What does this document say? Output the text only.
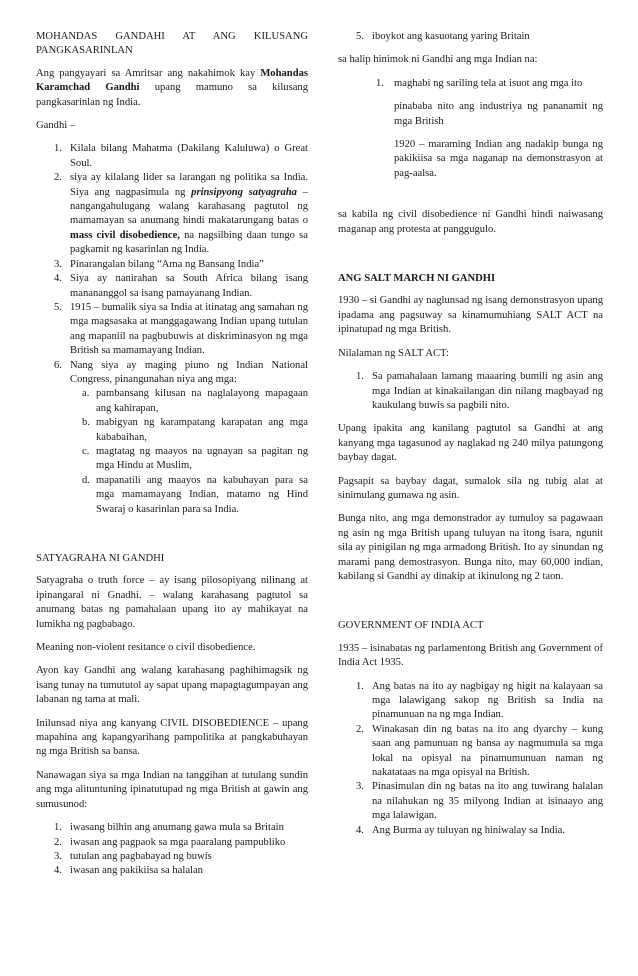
MOHANDAS GANDAHI AT ANG KILUSANG PANGKASARINLAN

Ang pangyayari sa Amritsar ang nakahimok kay Mohandas Karamchad Gandhi upang mamuno sa kilusang pangkasarinlan ng India.

Gandhi –

1. Kilala bilang Mahatma (Dakilang Kaluluwa) o Great Soul.
2. siya ay kilalang lider sa larangan ng politika sa India. Siya ang nagpasimula ng prinsipyong satyagraha – nangangahulugang walang karahasang pagtutol ng mamamayan sa anumang hindi makatarungang batas o mass civil disobedience, na nagsilbing daan tungo sa pagkamit ng kasarinlan ng India.
3. Pinarangalan bilang “Ama ng Bansang India”
4. Siya ay nanirahan sa South Africa bilang isang manananggol sa isang pamayanang Indian.
5. 1915 – bumalik siya sa India at itinatag ang samahan ng mga magsasaka at manggagawang Indian upang tutulan ang mapaniil na pagbubuwis at diskriminasyon ng mga British sa mamamayang Indian.
6. Nang siya ay maging piuno ng Indian National Congress, pinangunahan niya ang mga:
a. pambansang kilusan na naglalayong mapagaan ang kahirapan,
b. mabigyan ng karampatang karapatan ang mga kababaihan,
c. magtatag ng maayos na ugnayan sa pagitan ng mga Hindu at Muslim,
d. mapanatili ang maayos na kabuhayan para sa mga mamamayang Indian, matamo ng Hind Swaraj o kasarinlan para sa India.
SATYAGRAHA NI GANDHI

Satyagraha o truth force – ay isang pilosopiyang nilinang at ipinangaral ni Gnadhi. – walang karahasang pagtutol sa anumang batas ng pamahalaan upang ito ay mahikayat na lumikha ng pagbabago.

Meaning non-violent resitance o civil disobedience.

Ayon kay Gandhi ang walang karahasang paghihimagsik ng isang tunay na tumututol ay sapat upang mapagtagumpayan ang labanan ng tama at mali.

Inilunsad niya ang kanyang CIVIL DISOBEDIENCE – upang mapahina ang kapangyarihang pampolitika at pangkabuhayan ng mga British sa bansa.

Nanawagan siya sa mga Indian na tanggihan at tutulang sundin ang mga alituntuning ipinatutupad ng mga British at gawin ang sumusunod:

1. iwasang bilhin ang anumang gawa mula sa Britain
2. iwasan ang pagpaok sa mga paaralang pampubliko
3. tutulan ang pagbabayad ng buwis
4. iwasan ang pakikiisa sa halalan
5. iboykot ang kasuotang yaring Britain

sa halip hinimok ni Gandhi ang mga Indian na:

1. maghabi ng sariling tela at isuot ang mga ito

pinababa nito ang industriya ng pananamit ng mga British

1920 – maraming Indian ang nadakip bunga ng pakikiisa sa mga naganap na demonstrasyon at pag-aalsa.

sa kabila ng civil disobedience ni Gandhi hindi naiwasang maganap ang protesta at panggugulo.

ANG SALT MARCH NI GANDHI

1930 – si Gandhi ay naglunsad ng isang demonstrasyon upang ipadama ang pagsuway sa kinamumuhiang SALT ACT na ipinatupad ng mga British.

Nilalaman ng SALT ACT:

1. Sa pamahalaan lamang maaaring bumili ng asin ang mga Indian at kinakailangan din nilang magbayad ng kaukulang buwis sa pagbili nito.

Upang ipakita ang kanilang pagtutol sa Gandhi at ang kanyang mga tagasunod ay naglakad ng 240 milya patungong baybay dagat.

Pagsapit sa baybay dagat, sumalok sila ng tubig alat at sinimulang gumawa ng asin.

Bunga nito, ang mga demonstrador ay tumuloy sa pagawaan ng asin ng mga British upang tuluyan na itong isara, ngunit sila ay pinigilan ng mga armadong British. Ito ay sinundan ng marami pang demostrasyon. Bunga nito, may 60,000 indian, kabilang si Gandhi ay dinakip at ikinulong ng 2 taon.

GOVERNMENT OF INDIA ACT

1935 – isinabatas ng parlamentong British ang Government of India Act 1935.

1. Ang batas na ito ay nagbigay ng higit na kalayaan sa mga lalawigang sakop ng British sa India na pinamunuan na ng mga Indian.
2. Winakasan din ng batas na ito ang dyarchy – kung saan ang pamunuan ng bansa ay nagmumula sa mga lokal na opisyal na pinamumunuan naman ng nakatataas na mga opisyal na British.
3. Pinasimulan din ng batas na ito ang tuwirang halalan na nilahukan ng 35 milyong Indian at isinaayo ang mga lalawigan.
4. Ang Burma ay tuluyan ng hiniwalay sa India.
